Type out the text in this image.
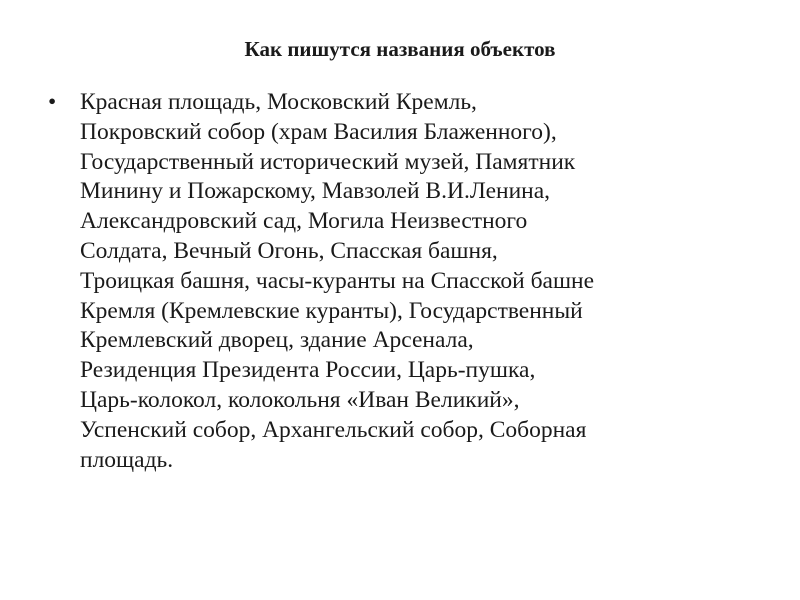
Как пишутся названия объектов
•	Красная площадь, Московский Кремль,
Покровский собор (храм Василия Блаженного),
Государственный исторический музей, Памятник
Минину и Пожарскому, Мавзолей В.И.Ленина,
Александровский сад, Могила Неизвестного
Солдата, Вечный Огонь, Спасская башня,
Троицкая башня, часы-куранты на Спасской башне
Кремля (Кремлевские куранты), Государственный
Кремлевский дворец, здание Арсенала,
Резиденция Президента России, Царь-пушка,
Царь-колокол, колокольня «Иван Великий»,
Успенский собор, Архангельский собор, Соборная
площадь.
